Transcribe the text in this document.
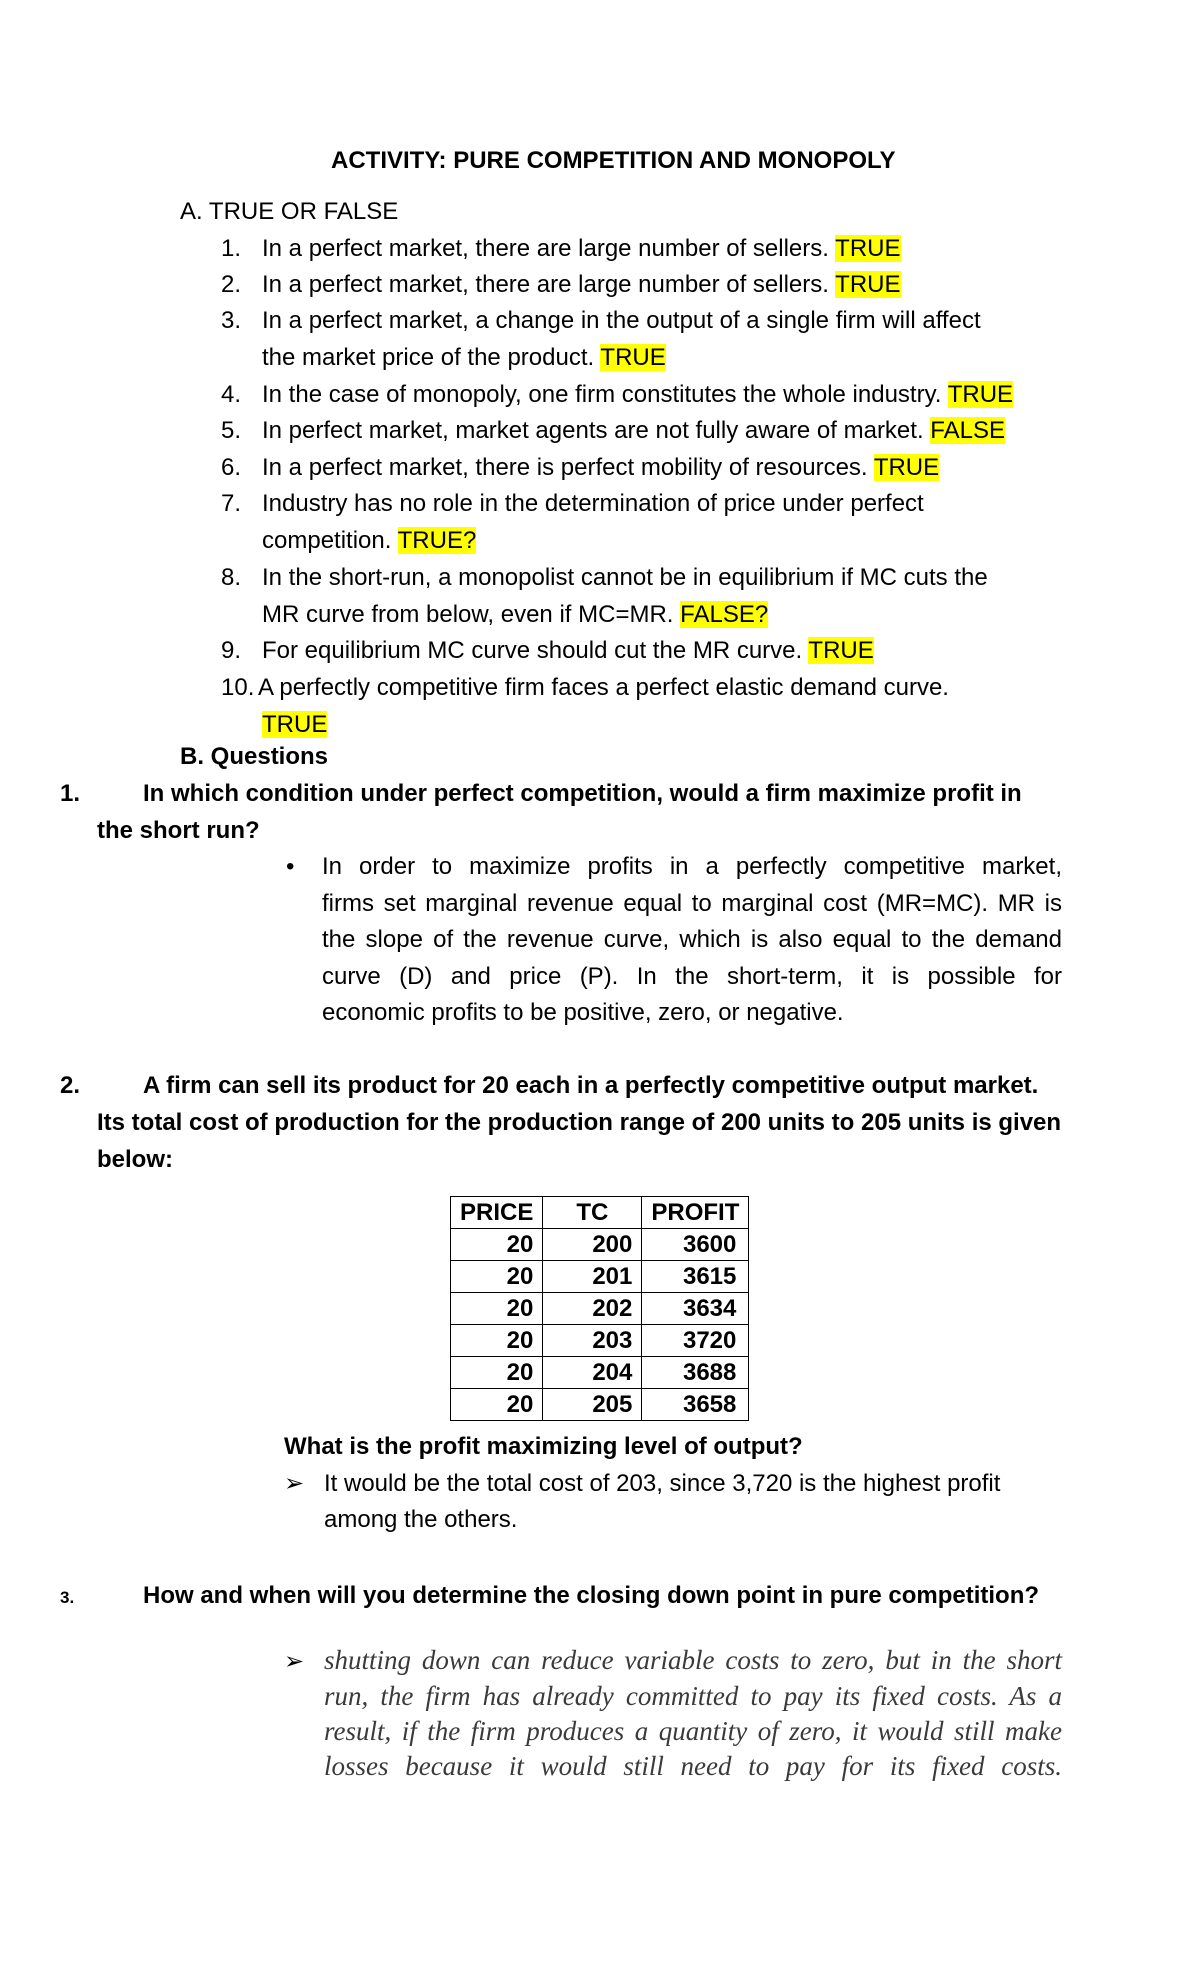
ACTIVITY: PURE COMPETITION AND MONOPOLY
A. TRUE OR FALSE
1. In a perfect market, there are large number of sellers. TRUE
2. In a perfect market, there are large number of sellers. TRUE
3. In a perfect market, a change in the output of a single firm will affect
the market price of the product. TRUE
4. In the case of monopoly, one firm constitutes the whole industry. TRUE
5. In perfect market, market agents are not fully aware of market. FALSE
6. In a perfect market, there is perfect mobility of resources. TRUE
7. Industry has no role in the determination of price under perfect
competition. TRUE?
8. In the short-run, a monopolist cannot be in equilibrium if MC cuts the
MR curve from below, even if MC=MR. FALSE?
9. For equilibrium MC curve should cut the MR curve. TRUE
10. A perfectly competitive firm faces a perfect elastic demand curve.
TRUE
B. Questions
1.	In which condition under perfect competition, would a firm maximize profit in
the short run?
• In order to maximize profits in a perfectly competitive market,
firms set marginal revenue equal to marginal cost (MR=MC). MR is
the slope of the revenue curve, which is also equal to the demand
curve (D) and price (P). In the short-term, it is possible for
economic profits to be positive, zero, or negative.
2.	A firm can sell its product for 20 each in a perfectly competitive output market.
Its total cost of production for the production range of 200 units to 205 units is given
below:
PRICE	TC	PROFIT
20	200	3600
20	201	3615
20	202	3634
20	203	3720
20	204	3688
20	205	3658
What is the profit maximizing level of output?
➢ It would be the total cost of 203, since 3,720 is the highest profit
among the others.
3.	How and when will you determine the closing down point in pure competition?
➢ shutting down can reduce variable costs to zero, but in the short
run, the firm has already committed to pay its fixed costs. As a
result, if the firm produces a quantity of zero, it would still make
losses because it would still need to pay for its fixed costs.
